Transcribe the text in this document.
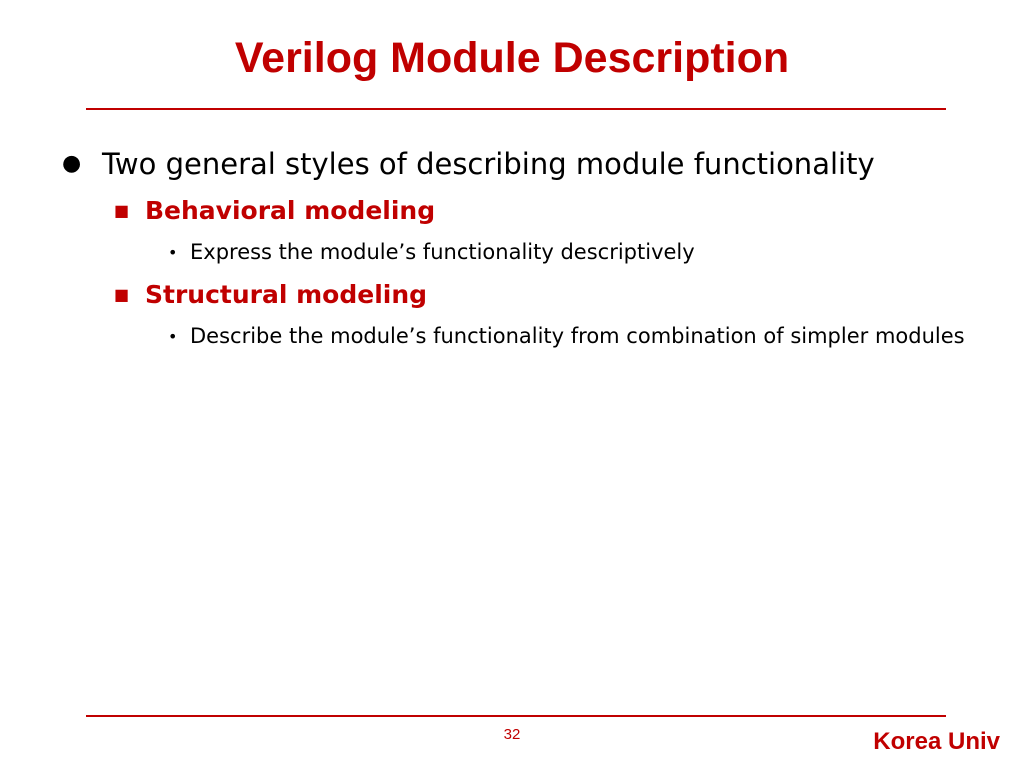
Verilog Module Description
● Two general styles of describing module functionality
■ Behavioral modeling
• Express the module’s functionality descriptively
■ Structural modeling
• Describe the module’s functionality from combination of simpler modules
32	Korea Univ
